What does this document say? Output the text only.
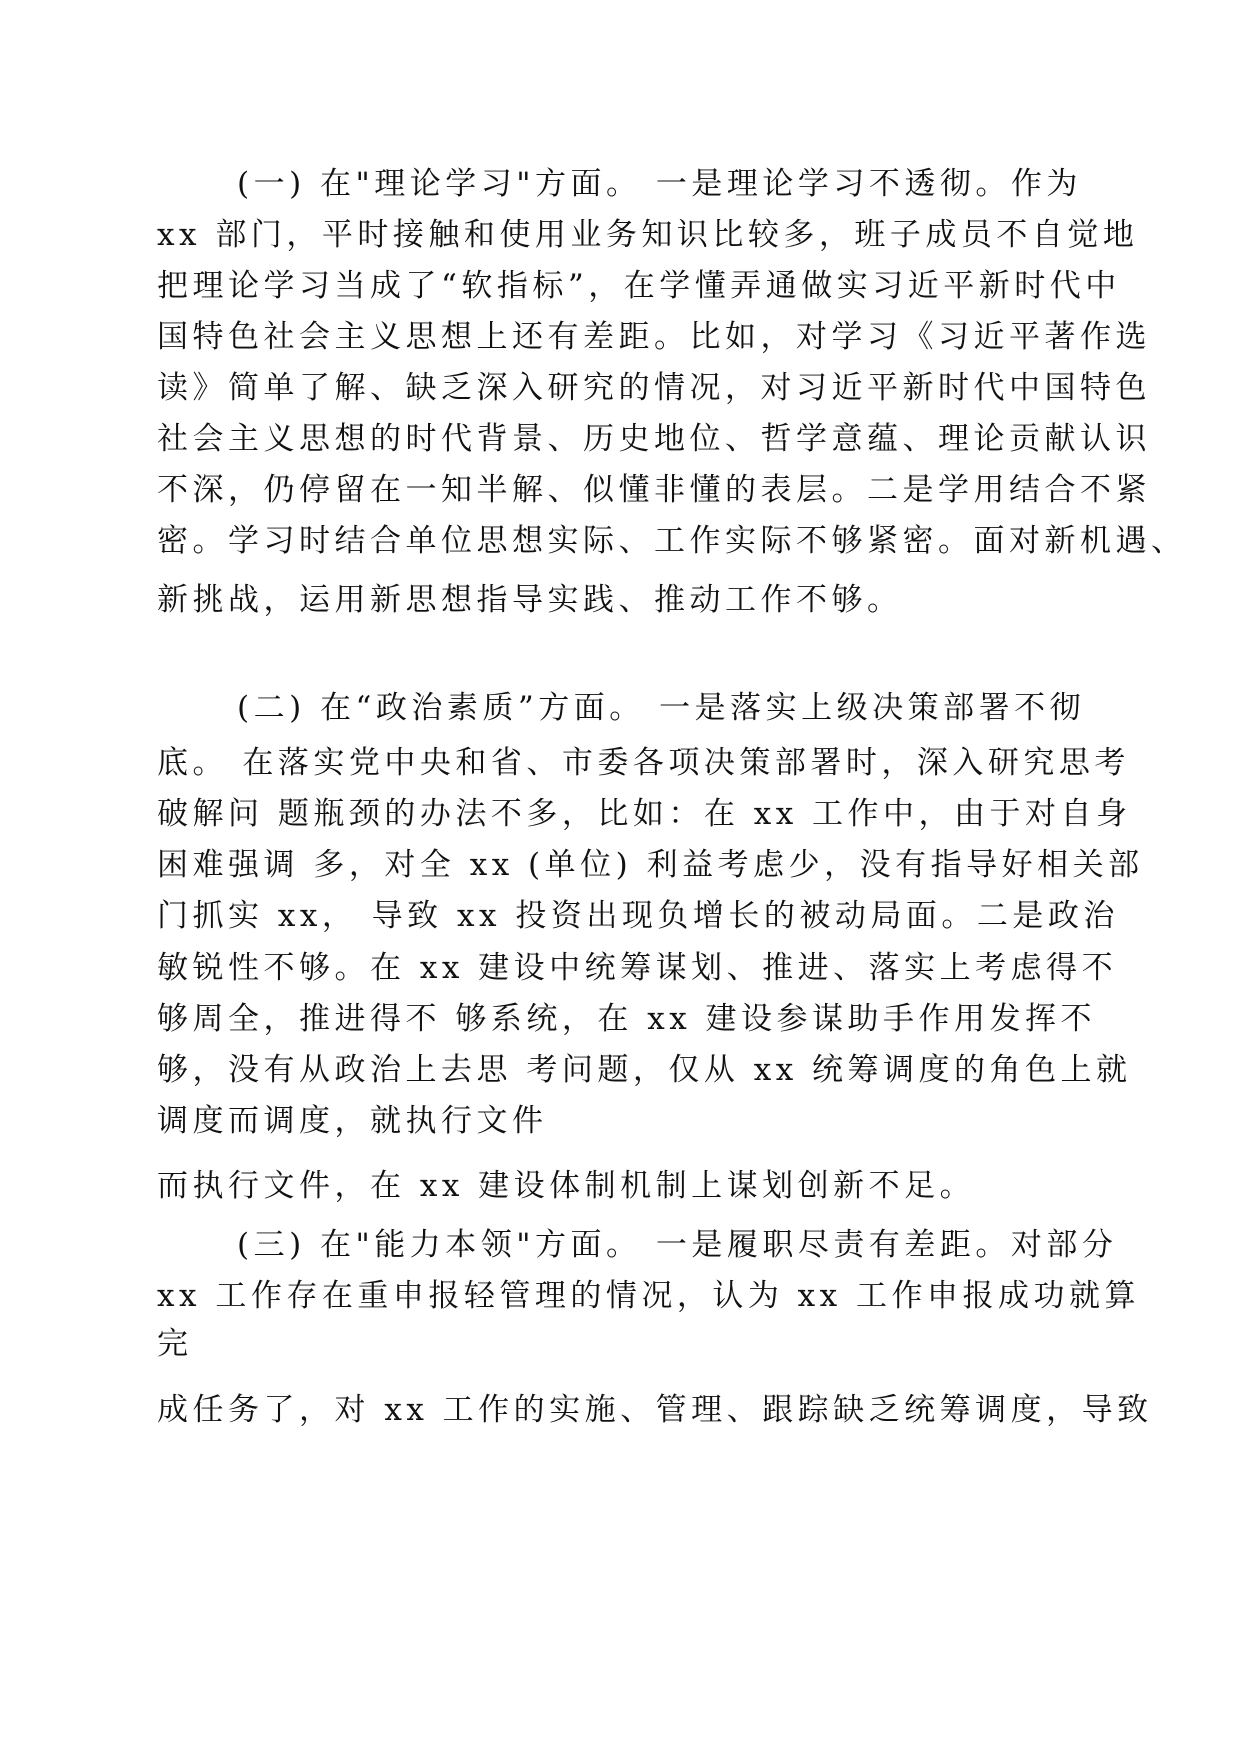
(一) 在"理论学习"方面。 一是理论学习不透彻。作为
xx 部门，平时接触和使用业务知识比较多，班子成员不自觉地
把理论学习当成了“软指标”，在学懂弄通做实习近平新时代中
国特色社会主义思想上还有差距。比如，对学习《习近平著作选
读》简单了解、缺乏深入研究的情况，对习近平新时代中国特色
社会主义思想的时代背景、历史地位、哲学意蕴、理论贡献认识
不深，仍停留在一知半解、似懂非懂的表层。二是学用结合不紧
密。学习时结合单位思想实际、工作实际不够紧密。面对新机遇、
新挑战，运用新思想指导实践、推动工作不够。
(二) 在“政治素质”方面。 一是落实上级决策部署不彻
底。 在落实党中央和省、市委各项决策部署时，深入研究思考
破解问 题瓶颈的办法不多，比如：在 xx 工作中，由于对自身
困难强调 多，对全 xx (单位) 利益考虑少，没有指导好相关部
门抓实 xx， 导致 xx 投资出现负增长的被动局面。二是政治
敏锐性不够。在 xx 建设中统筹谋划、推进、落实上考虑得不
够周全，推进得不 够系统，在 xx 建设参谋助手作用发挥不
够，没有从政治上去思 考问题，仅从 xx 统筹调度的角色上就
调度而调度，就执行文件
而执行文件，在 xx 建设体制机制上谋划创新不足。
(三) 在"能力本领"方面。 一是履职尽责有差距。对部分
xx 工作存在重申报轻管理的情况，认为 xx 工作申报成功就算
完
成任务了，对 xx 工作的实施、管理、跟踪缺乏统筹调度，导致
